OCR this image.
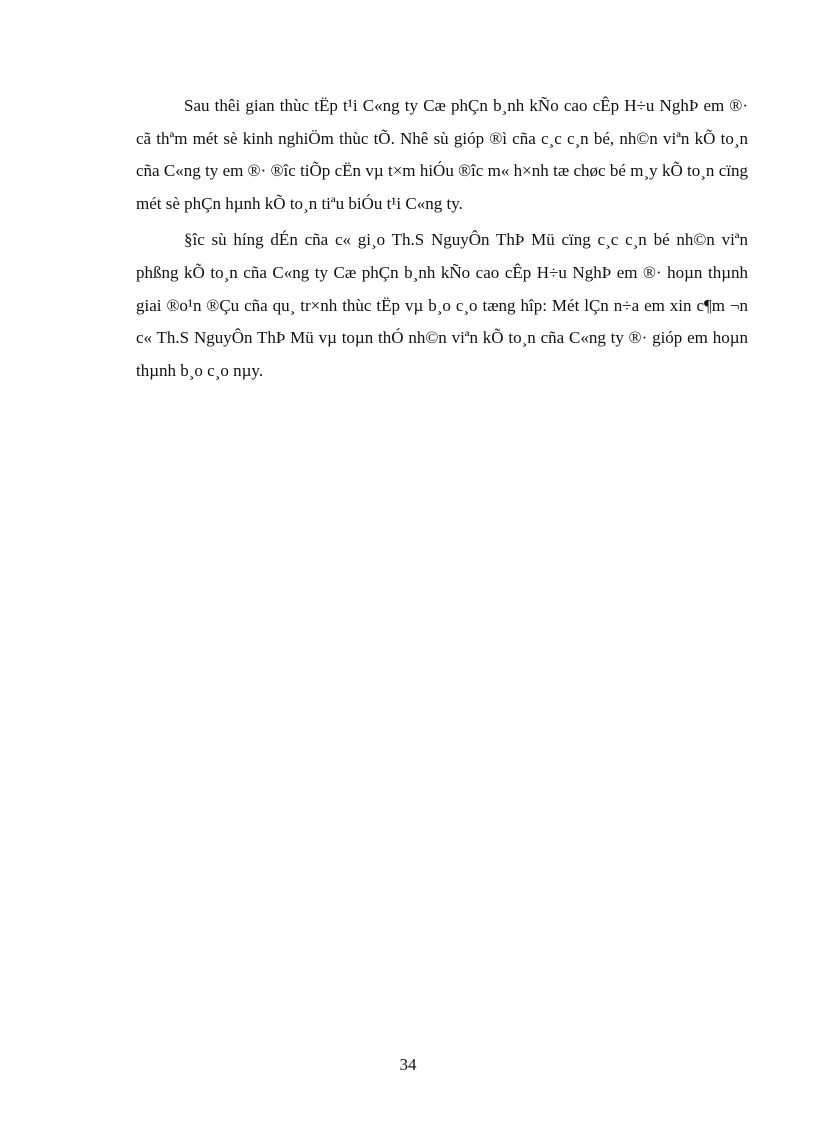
Sau thêi gian thùc tËp t¹i C«ng ty Cæ phÇn b¸nh kÑo cao cÊp H÷u NghÞ em ®· cã thªm mét sè kinh nghiÖm thùc tÕ. Nhê sù gióp ®ì cña c¸c c¸n bé, nh©n viªn kÕ to¸n cña C«ng ty em ®· ®îc tiÕp cËn vµ t×m hiÓu ®îc m« h×nh tæ chøc bé m¸y kÕ to¸n cïng mét sè phÇn hµnh kÕ to¸n tiªu biÓu t¹i C«ng ty.

§îc sù híng dÉn cña c« gi¸o Th.S NguyÔn ThÞ Mü cïng c¸c c¸n bé nh©n viªn phßng kÕ to¸n cña C«ng ty Cæ phÇn b¸nh kÑo cao cÊp H÷u NghÞ em ®· hoµn thµnh giai ®o¹n ®Çu cña qu¸ tr×nh thùc tËp vµ b¸o c¸o tæng hîp: Mét lÇn n÷a em xin c¶m ¬n c« Th.S NguyÔn ThÞ Mü vµ toµn thÓ nh©n viªn kÕ to¸n cña C«ng ty ®· gióp em hoµn thµnh b¸o c¸o nµy.

34
